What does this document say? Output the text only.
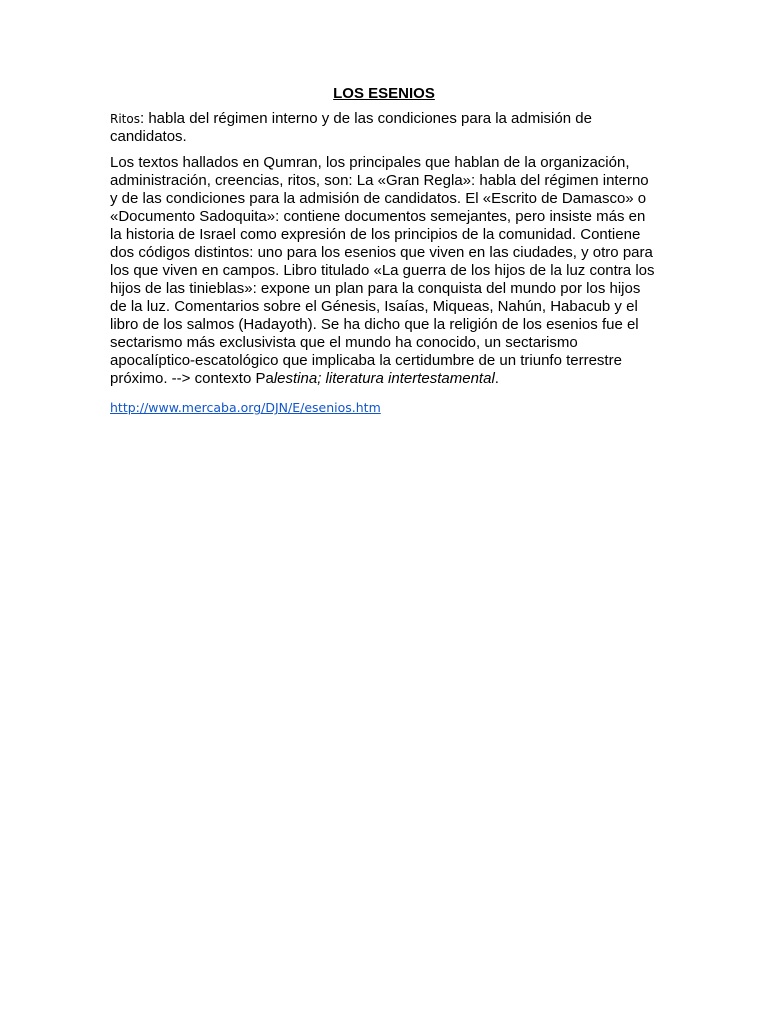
LOS ESENIOS

Ritos: habla del régimen interno y de las condiciones para la admisión de candidatos.

Los textos hallados en Qumran, los principales que hablan de la organización, administración, creencias, ritos, son: La «Gran Regla»: habla del régimen interno y de las condiciones para la admisión de candidatos. El «Escrito de Damasco» o «Documento Sadoquita»: contiene documentos semejantes, pero insiste más en la historia de Israel como expresión de los principios de la comunidad. Contiene dos códigos distintos: uno para los esenios que viven en las ciudades, y otro para los que viven en campos. Libro titulado «La guerra de los hijos de la luz contra los hijos de las tinieblas»: expone un plan para la conquista del mundo por los hijos de la luz. Comentarios sobre el Génesis, Isaías, Miqueas, Nahún, Habacub y el libro de los salmos (Hadayoth). Se ha dicho que la religión de los esenios fue el sectarismo más exclusivista que el mundo ha conocido, un sectarismo apocalíptico-escatológico que implicaba la certidumbre de un triunfo terrestre próximo. --> contexto Palestina; literatura intertestamental.

http://www.mercaba.org/DJN/E/esenios.htm
